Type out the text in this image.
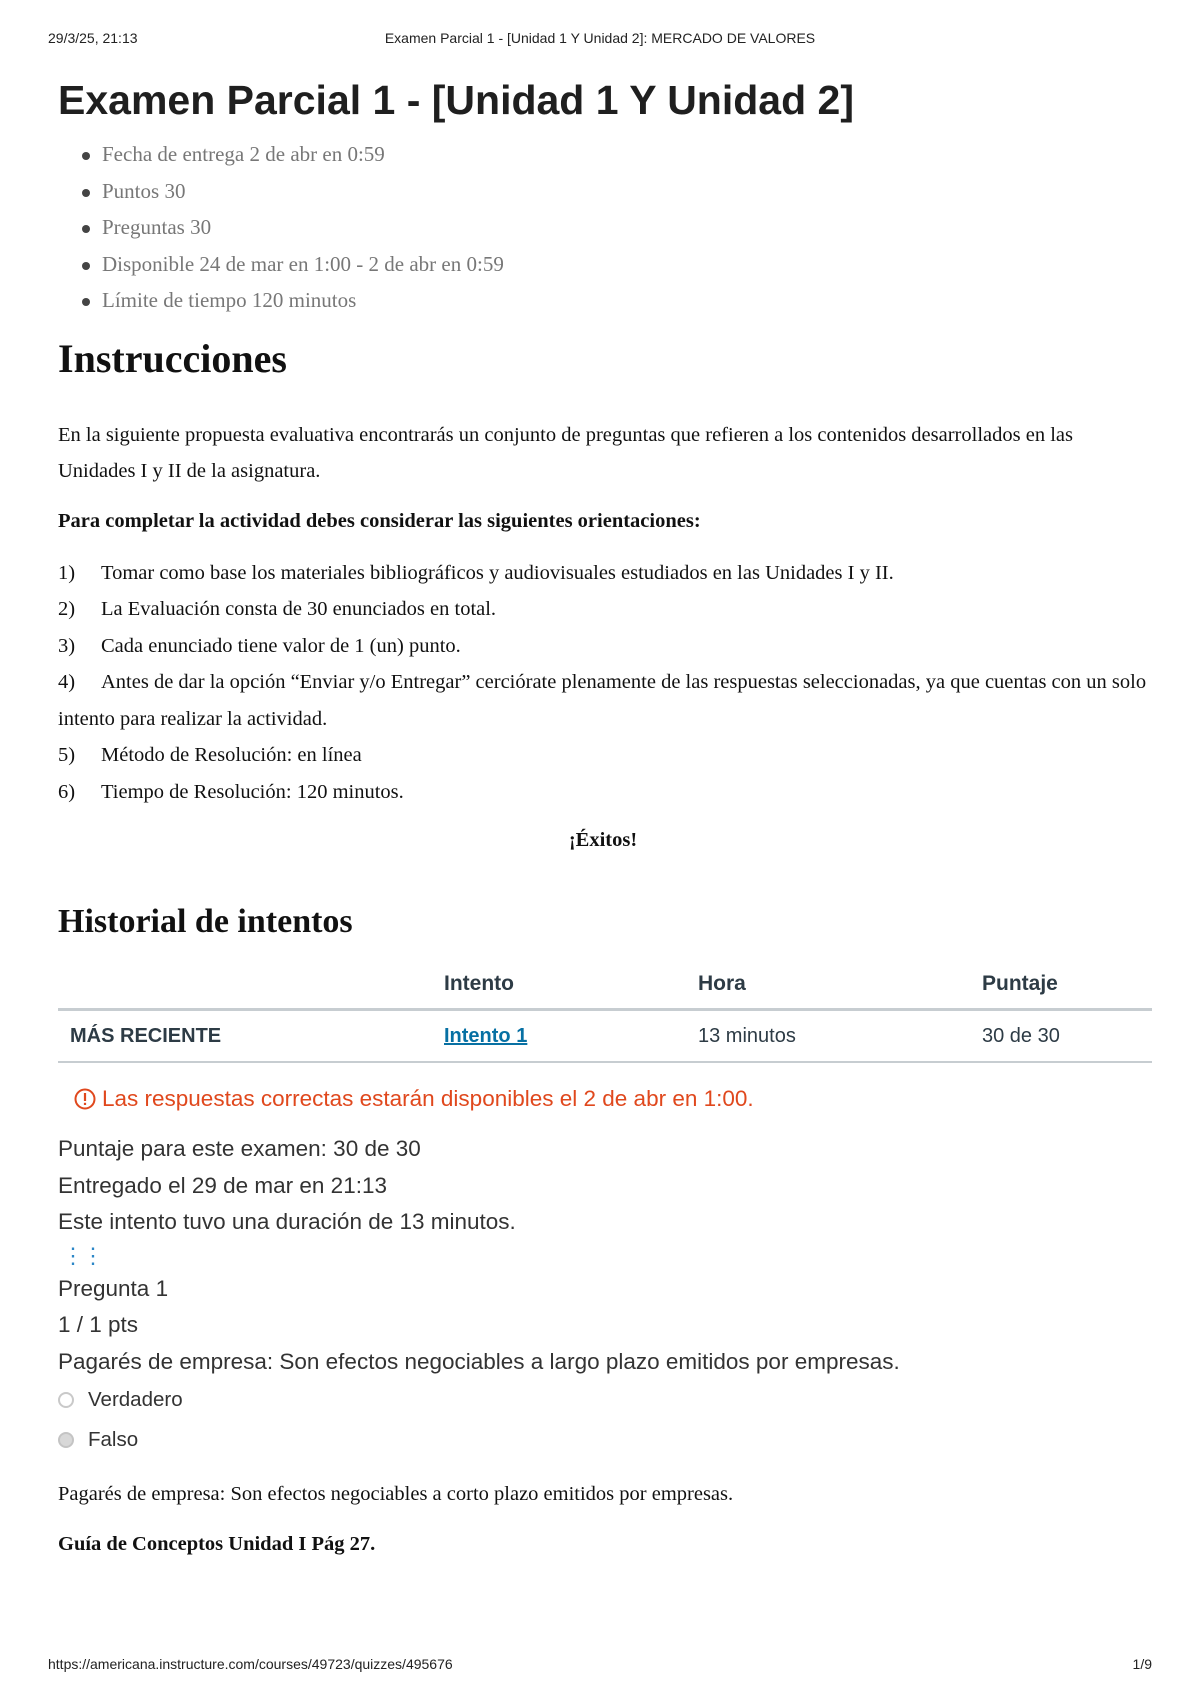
29/3/25, 21:13	Examen Parcial 1 - [Unidad 1 Y Unidad 2]: MERCADO DE VALORES
Examen Parcial 1 - [Unidad 1 Y Unidad 2]
Fecha de entrega 2 de abr en 0:59
Puntos 30
Preguntas 30
Disponible 24 de mar en 1:00 - 2 de abr en 0:59
Límite de tiempo 120 minutos
Instrucciones

En la siguiente propuesta evaluativa encontrarás un conjunto de preguntas que refieren a los contenidos desarrollados en las Unidades I y II de la asignatura.

Para completar la actividad debes considerar las siguientes orientaciones:

1) Tomar como base los materiales bibliográficos y audiovisuales estudiados en las Unidades I y II.
2) La Evaluación consta de 30 enunciados en total.
3) Cada enunciado tiene valor de 1 (un) punto.
4) Antes de dar la opción “Enviar y/o Entregar” cerciórate plenamente de las respuestas seleccionadas, ya que cuentas con un solo intento para realizar la actividad.
5) Método de Resolución: en línea
6) Tiempo de Resolución: 120 minutos.

¡Éxitos!

Historial de intentos
	Intento	Hora	Puntaje
MÁS RECIENTE	Intento 1	13 minutos	30 de 30
Las respuestas correctas estarán disponibles el 2 de abr en 1:00.
Puntaje para este examen: 30 de 30
Entregado el 29 de mar en 21:13
Este intento tuvo una duración de 13 minutos.
⋮⋮
Pregunta 1
1 / 1 pts
Pagarés de empresa: Son efectos negociables a largo plazo emitidos por empresas.
Verdadero
Falso

Pagarés de empresa: Son efectos negociables a corto plazo emitidos por empresas.

Guía de Conceptos Unidad I Pág 27.

https://americana.instructure.com/courses/49723/quizzes/495676	1/9
